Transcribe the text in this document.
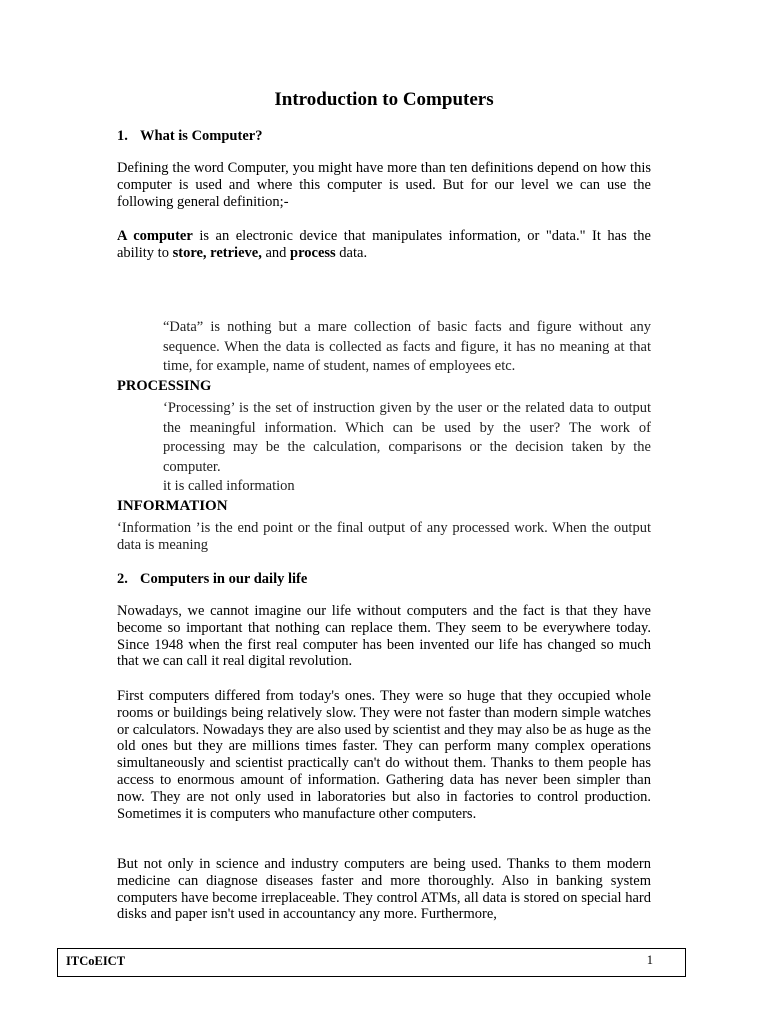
Introduction to Computers
1. What is Computer?
Defining the word Computer, you might have more than ten definitions depend on how this computer is used and where this computer is used. But for our level we can use the following general definition;-
A computer is an electronic device that manipulates information, or "data." It has the ability to store, retrieve, and process data.
“Data” is nothing but a mare collection of basic facts and figure without any sequence. When the data is collected as facts and figure, it has no meaning at that time, for example, name of student, names of employees etc.
PROCESSING
‘Processing’ is the set of instruction given by the user or the related data to output the meaningful information. Which can be used by the user? The work of processing may be the calculation, comparisons or the decision taken by the computer.
it is called information
INFORMATION
‘Information ’is the end point or the final output of any processed work. When the output data is meaning
2. Computers in our daily life
Nowadays, we cannot imagine our life without computers and the fact is that they have become so important that nothing can replace them. They seem to be everywhere today. Since 1948 when the first real computer has been invented our life has changed so much that we can call it real digital revolution.
First computers differed from today's ones. They were so huge that they occupied whole rooms or buildings being relatively slow. They were not faster than modern simple watches or calculators. Nowadays they are also used by scientist and they may also be as huge as the old ones but they are millions times faster. They can perform many complex operations simultaneously and scientist practically can't do without them. Thanks to them people has access to enormous amount of information. Gathering data has never been simpler than now. They are not only used in laboratories but also in factories to control production. Sometimes it is computers who manufacture other computers.
But not only in science and industry computers are being used. Thanks to them modern medicine can diagnose diseases faster and more thoroughly. Also in banking system computers have become irreplaceable. They control ATMs, all data is stored on special hard disks and paper isn't used in accountancy any more. Furthermore,
ITCoEICT	1
